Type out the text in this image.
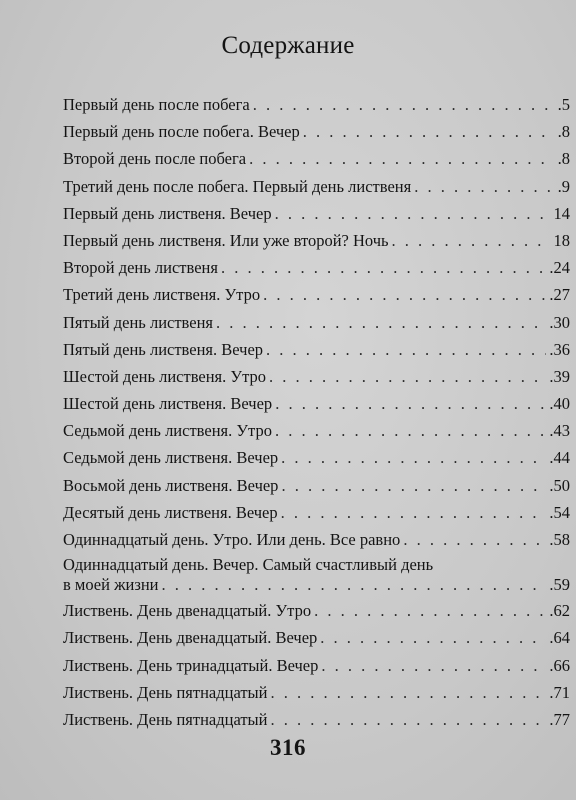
Содержание
Первый день после побега . . .	.5
Первый день после побега. Вечер . . .	.8
Второй день после побега . . .	.8
Третий день после побега. Первый день лиственя . . .	.9
Первый день лиственя. Вечер . . .	14
Первый день лиственя. Или уже второй? Ночь . . .	18
Второй день лиственя . . .	.24
Третий день лиственя. Утро . . .	.27
Пятый день лиственя . . .	.30
Пятый день лиственя. Вечер . . .	.36
Шестой день лиственя. Утро . . .	.39
Шестой день лиственя. Вечер . . .	.40
Седьмой день лиственя. Утро . . .	.43
Седьмой день лиственя. Вечер . . .	.44
Восьмой день лиственя. Вечер . . .	.50
Десятый день лиственя. Вечер . . .	.54
Одиннадцатый день. Утро. Или день. Все равно . . .	.58
Одиннадцатый день. Вечер. Самый счастливый день
в моей жизни . . .	.59
Листвень. День двенадцатый. Утро . . .	.62
Листвень. День двенадцатый. Вечер . . .	.64
Листвень. День тринадцатый. Вечер . . .	.66
Листвень. День пятнадцатый . . .	.71
Листвень. День пятнадцатый . . .	.77
316
